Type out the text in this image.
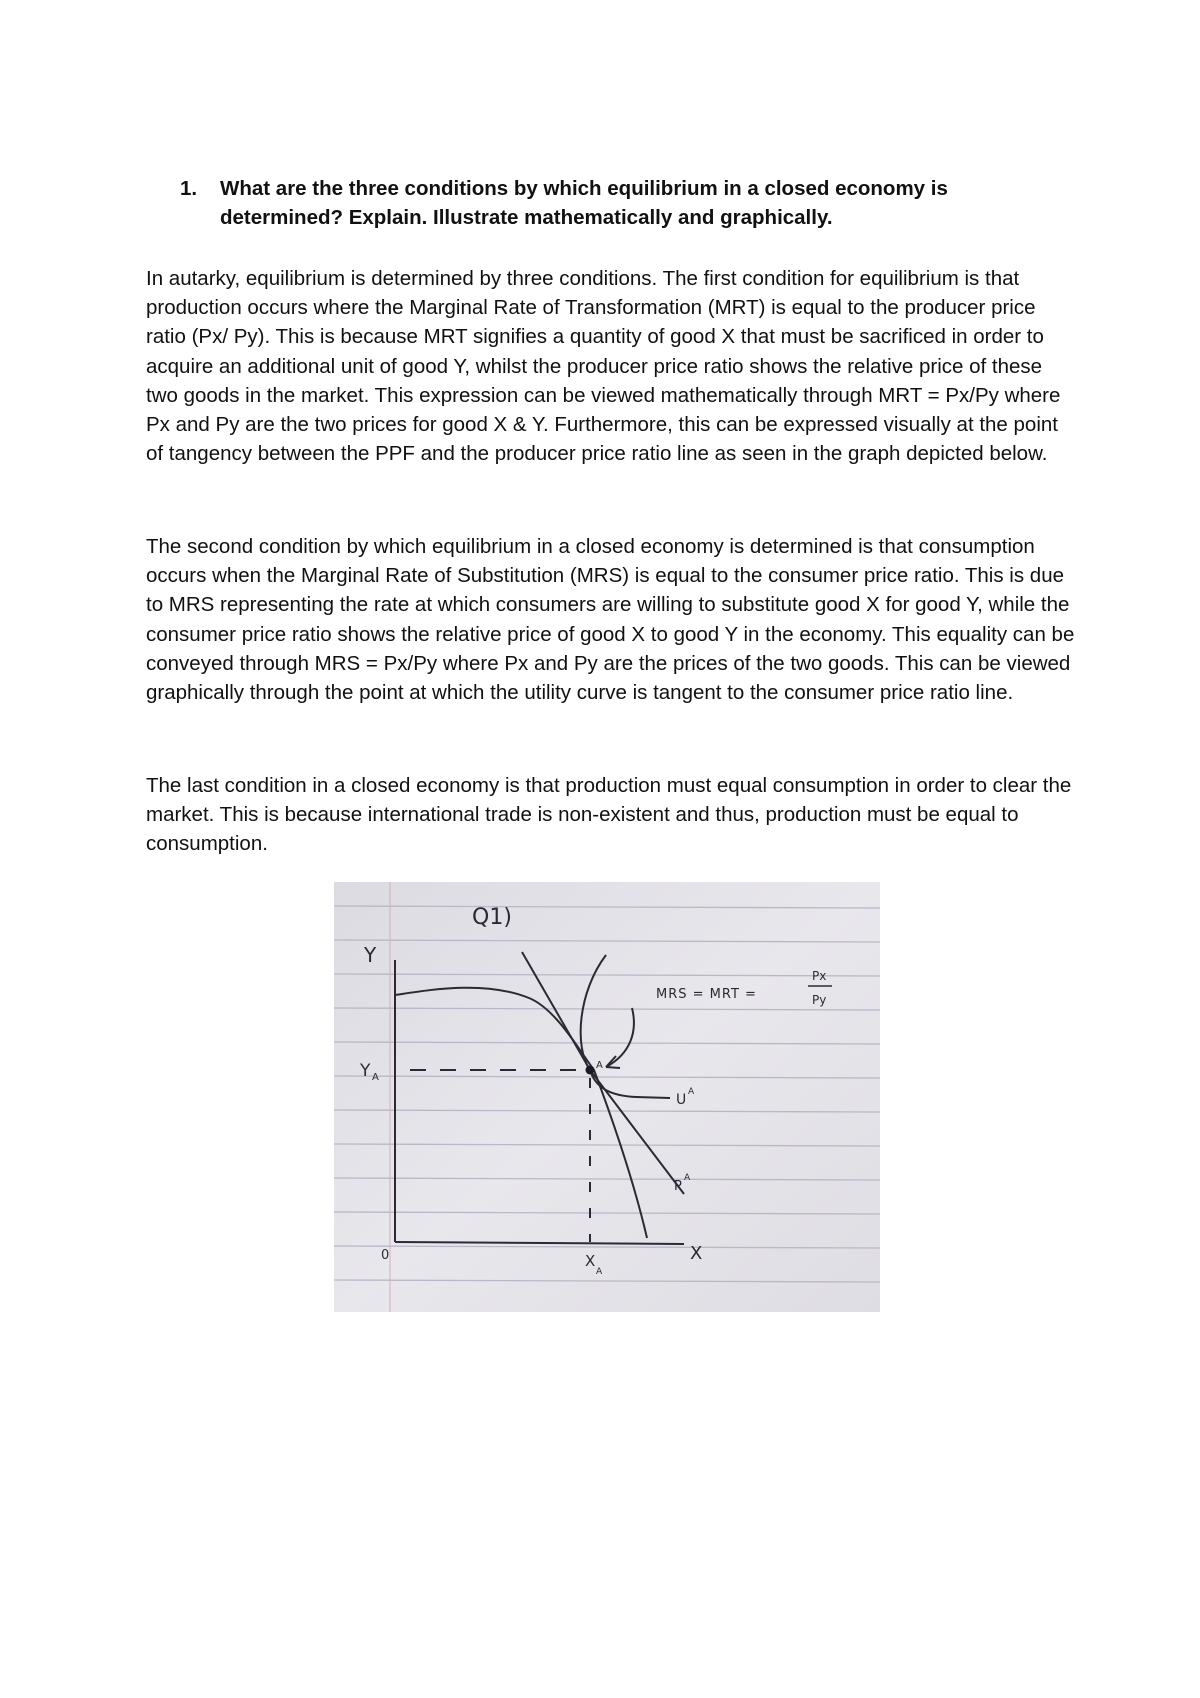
1. What are the three conditions by which equilibrium in a closed economy is determined? Explain. Illustrate mathematically and graphically.

In autarky, equilibrium is determined by three conditions. The first condition for equilibrium is that production occurs where the Marginal Rate of Transformation (MRT) is equal to the producer price ratio (Px/ Py). This is because MRT signifies a quantity of good X that must be sacrificed in order to acquire an additional unit of good Y, whilst the producer price ratio shows the relative price of these two goods in the market. This expression can be viewed mathematically through MRT = Px/Py where Px and Py are the two prices for good X & Y. Furthermore, this can be expressed visually at the point of tangency between the PPF and the producer price ratio line as seen in the graph depicted below.

The second condition by which equilibrium in a closed economy is determined is that consumption occurs when the Marginal Rate of Substitution (MRS) is equal to the consumer price ratio. This is due to MRS representing the rate at which consumers are willing to substitute good X for good Y, while the consumer price ratio shows the relative price of good X to good Y in the economy. This equality can be conveyed through MRS = Px/Py where Px and Py are the prices of the two goods. This can be viewed graphically through the point at which the utility curve is tangent to the consumer price ratio line.

The last condition in a closed economy is that production must equal consumption in order to clear the market. This is because international trade is non-existent and thus, production must be equal to consumption.

Q1)
Y
X
0
A
MRS = MRT =
Px
Py
U A
P
A
Y A
X
A
